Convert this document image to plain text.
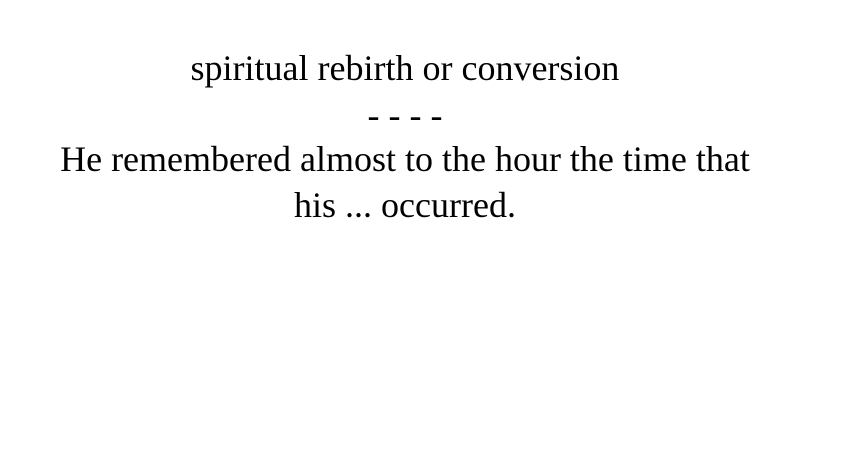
spiritual rebirth or conversion
- - - -
He remembered almost to the hour the time that his ... occurred.
